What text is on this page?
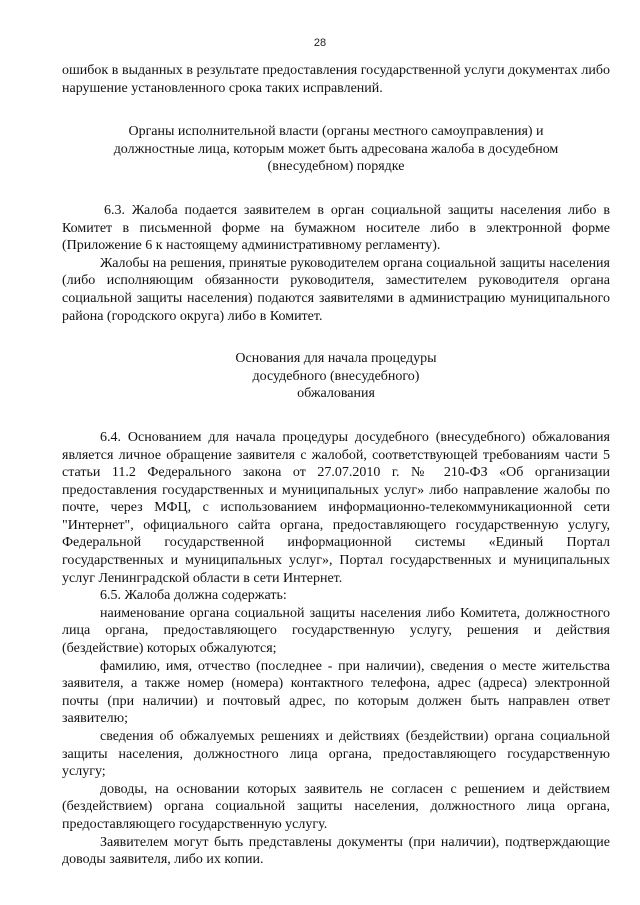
28

ошибок в выданных в результате предоставления государственной услуги документах либо нарушение установленного срока таких исправлений.

Органы исполнительной власти (органы местного самоуправления) и должностные лица, которым может быть адресована жалоба в досудебном (внесудебном) порядке

6.3. Жалоба подается заявителем в орган социальной защиты населения либо в Комитет в письменной форме на бумажном носителе либо в электронной форме (Приложение 6 к настоящему административному регламенту).

Жалобы на решения, принятые руководителем органа социальной защиты населения (либо исполняющим обязанности руководителя, заместителем руководителя органа социальной защиты населения) подаются заявителями в администрацию муниципального района (городского округа) либо в Комитет.

Основания для начала процедуры досудебного (внесудебного) обжалования

6.4. Основанием для начала процедуры досудебного (внесудебного) обжалования является личное обращение заявителя с жалобой, соответствующей требованиям части 5 статьи 11.2 Федерального закона от 27.07.2010 г. № 210-ФЗ «Об организации предоставления государственных и муниципальных услуг» либо направление жалобы по почте, через МФЦ, с использованием информационно-телекоммуникационной сети "Интернет", официального сайта органа, предоставляющего государственную услугу, Федеральной государственной информационной системы «Единый Портал государственных и муниципальных услуг», Портал государственных и муниципальных услуг Ленинградской области в сети Интернет.

6.5. Жалоба должна содержать:

наименование органа социальной защиты населения либо Комитета, должностного лица органа, предоставляющего государственную услугу, решения и действия (бездействие) которых обжалуются;

фамилию, имя, отчество (последнее - при наличии), сведения о месте жительства заявителя, а также номер (номера) контактного телефона, адрес (адреса) электронной почты (при наличии) и почтовый адрес, по которым должен быть направлен ответ заявителю;

сведения об обжалуемых решениях и действиях (бездействии) органа социальной защиты населения, должностного лица органа, предоставляющего государственную услугу;

доводы, на основании которых заявитель не согласен с решением и действием (бездействием) органа социальной защиты населения, должностного лица органа, предоставляющего государственную услугу.

Заявителем могут быть представлены документы (при наличии), подтверждающие доводы заявителя, либо их копии.
